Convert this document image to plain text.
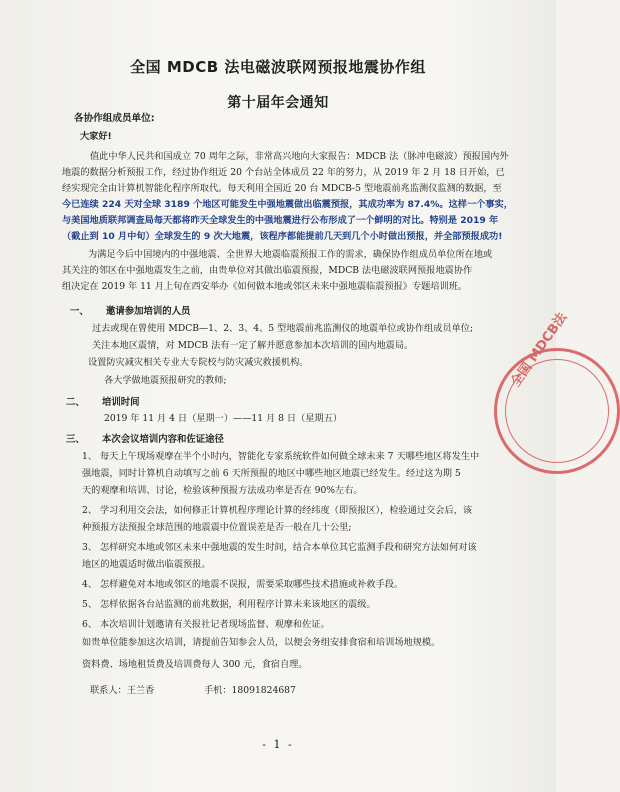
全国 MDCB 法电磁波联网预报地震协作组
第十届年会通知
各协作组成员单位:
大家好!
值此中华人民共和国成立 70 周年之际，非常高兴地向大家报告：MDCB 法（脉冲电磁波）预报国内外
地震的数据分析预报工作，经过协作组近 20 个台站全体成员 22 年的努力，从 2019 年 2 月 18 日开始，已
经实现完全由计算机智能化程序所取代。每天利用全国近 20 台 MDCB-5 型地震前兆监测仪监测的数据，至
今已连续 224 天对全球 3189 个地区可能发生中强地震做出临震预报，其成功率为 87.4%。这样一个事实，
与美国地质联邦调查局每天都将昨天全球发生的中强地震进行公布形成了一个鲜明的对比。特别是 2019 年
（截止到 10 月中旬）全球发生的 9 次大地震，该程序都能提前几天到几个小时做出预报，并全部预报成功!
为满足今后中国境内的中强地震、全世界大地震临震预报工作的需求，确保协作组成员单位所在地或
其关注的邻区在中强地震发生之前，由贵单位对其做出临震预报，MDCB 法电磁波联网预报地震协作
组决定在 2019 年 11 月上旬在西安举办《如何做本地或邻区未来中强地震临震预报》专题培训班。
一、 邀请参加培训的人员
过去或现在曾使用 MDCB—1、2、3、4、5 型地震前兆监测仪的地震单位或协作组成员单位;
关注本地区震情，对 MDCB 法有一定了解并愿意参加本次培训的国内地震局。
设置防灾减灾相关专业大专院校与防灾减灾救援机构。
各大学做地震预报研究的教师;
二、 培训时间
2019 年 11 月 4 日（星期一）——11 月 8 日（星期五）
三、 本次会议培训内容和佐证途径
1、 每天上午现场观摩在半个小时内，智能化专家系统软件如何做全球未来 7 天哪些地区将发生中
强地震，同时计算机自动填写之前 6 天所预报的地区中哪些地区地震已经发生。经过这为期 5
天的观摩和培训、讨论，检验该种预报方法成功率是否在 90%左右。
2、 学习利用交会法，如何修正计算机程序理论计算的经纬度（即预报区），检验通过交会后，该
种预报方法预报全球范围的地震震中位置误差是否一般在几十公里;
3、 怎样研究本地或邻区未来中强地震的发生时间，结合本单位其它监测手段和研究方法如何对该
地区的地震适时做出临震预报。
4、 怎样避免对本地或邻区的地震不误报，需要采取哪些技术措施或补救手段。
5、 怎样依据各台站监测的前兆数据，利用程序计算未来该地区的震级。
6、 本次培训计划邀请有关报社记者现场监督、观摩和佐证。
如贵单位能参加这次培训，请提前告知参会人员，以便会务组安排食宿和培训场地规模。
资料费、场地租赁费及培训费每人 300 元，食宿自理。
联系人：王兰香	手机：18091824687
- 1 -
全国 MDCB法
